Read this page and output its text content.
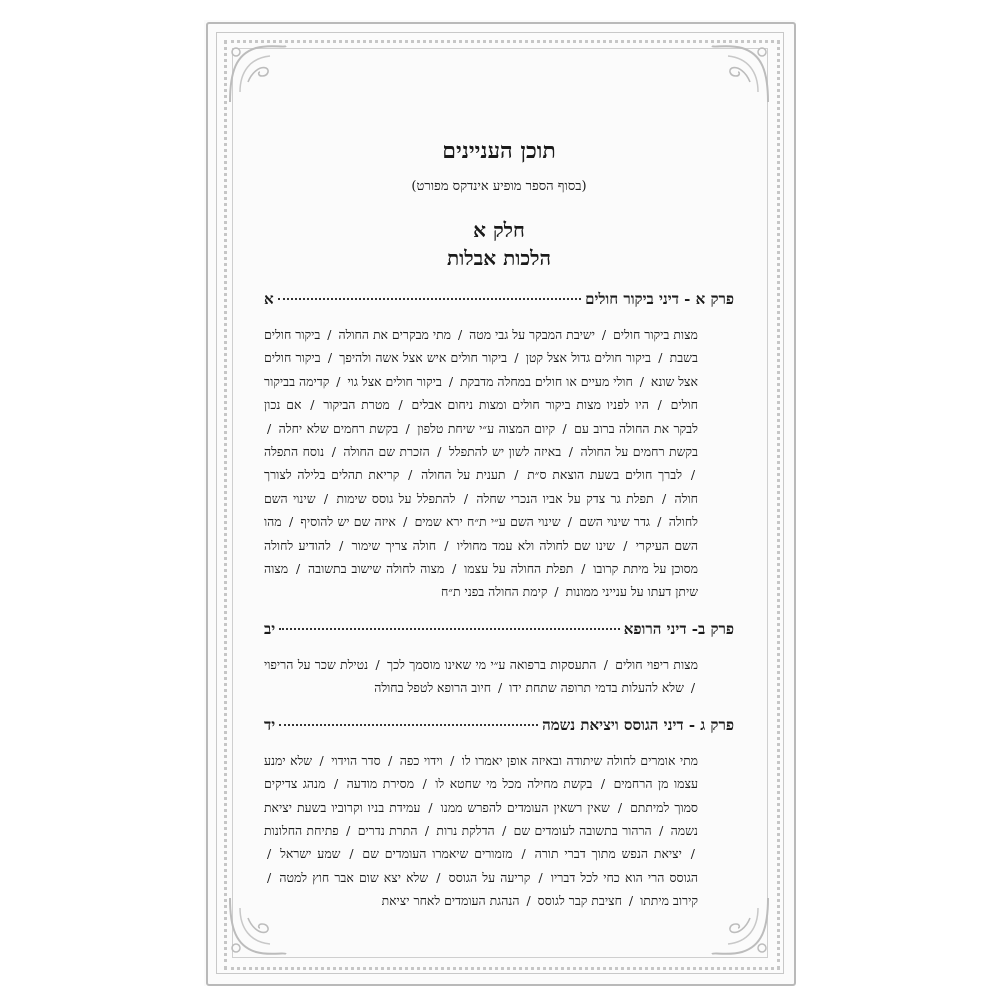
תוכן העניינים
(בסוף הספר מופיע אינדקס מפורט)
חלק א
הלכות אבלות
פרק א - דיני ביקור חולים
א
מצות ביקור חולים / ישיבת המבקר על גבי מטה / מתי מבקרים את החולה / ביקור חולים בשבת / ביקור חולים גדול אצל קטן / ביקור חולים איש אצל אשה ולהיפך / ביקור חולים אצל שונא / חולי מעיים או חולים במחלה מדבקת / ביקור חולים אצל גוי / קדימה בביקור חולים / היו לפניו מצות ביקור חולים ומצות ניחום אבלים / מטרת הביקור / אם נכון לבקר את החולה ברוב עם / קיום המצוה ע״י שיחת טלפון / בקשת רחמים שלא יחלה / בקשת רחמים על החולה / באיזה לשון יש להתפלל / הזכרת שם החולה / נוסח התפלה / לברך חולים בשעת הוצאת ס״ת / תענית על החולה / קריאת תהלים בלילה לצורך חולה / תפלת גר צדק על אביו הנכרי שחלה / להתפלל על גוסס שימות / שינוי השם לחולה / גדר שינוי השם / שינוי השם ע״י ת״ח ירא שמים / איזה שם יש להוסיף / מהו השם העיקרי / שינו שם לחולה ולא עמד מחוליו / חולה צריך שימור / להודיע לחולה מסוכן על מיתת קרובו / תפלת החולה על עצמו / מצוה לחולה שישוב בתשובה / מצוה שיתן דעתו על ענייני ממונות / קימת החולה בפני ת״ח
פרק ב- דיני הרופא
יב
מצות ריפוי חולים / התעסקות ברפואה ע״י מי שאינו מוסמך לכך / נטילת שכר על הריפוי / שלא להעלות בדמי תרופה שתחת ידו / חיוב הרופא לטפל בחולה
פרק ג - דיני הגוסס ויציאת נשמה
יד
מתי אומרים לחולה שיתודה ובאיזה אופן יאמרו לו / וידוי כפה / סדר הוידוי / שלא ימנע עצמו מן הרחמים / בקשת מחילה מכל מי שחטא לו / מסירת מודעה / מנהג צדיקים סמוך למיתתם / שאין רשאין העומדים להפרש ממנו / עמידת בניו וקרוביו בשעת יציאת נשמה / הרהור בתשובה לעומדים שם / הדלקת נרות / התרת נדרים / פתיחת החלונות / יציאת הנפש מתוך דברי תורה / מזמורים שיאמרו העומדים שם / שמע ישראל / הגוסס הרי הוא כחי לכל דבריו / קריעה על הגוסס / שלא יצא שום אבר חוץ למטה / קירוב מיתתו / חציבת קבר לגוסס / הנהגת העומדים לאחר יציאת
